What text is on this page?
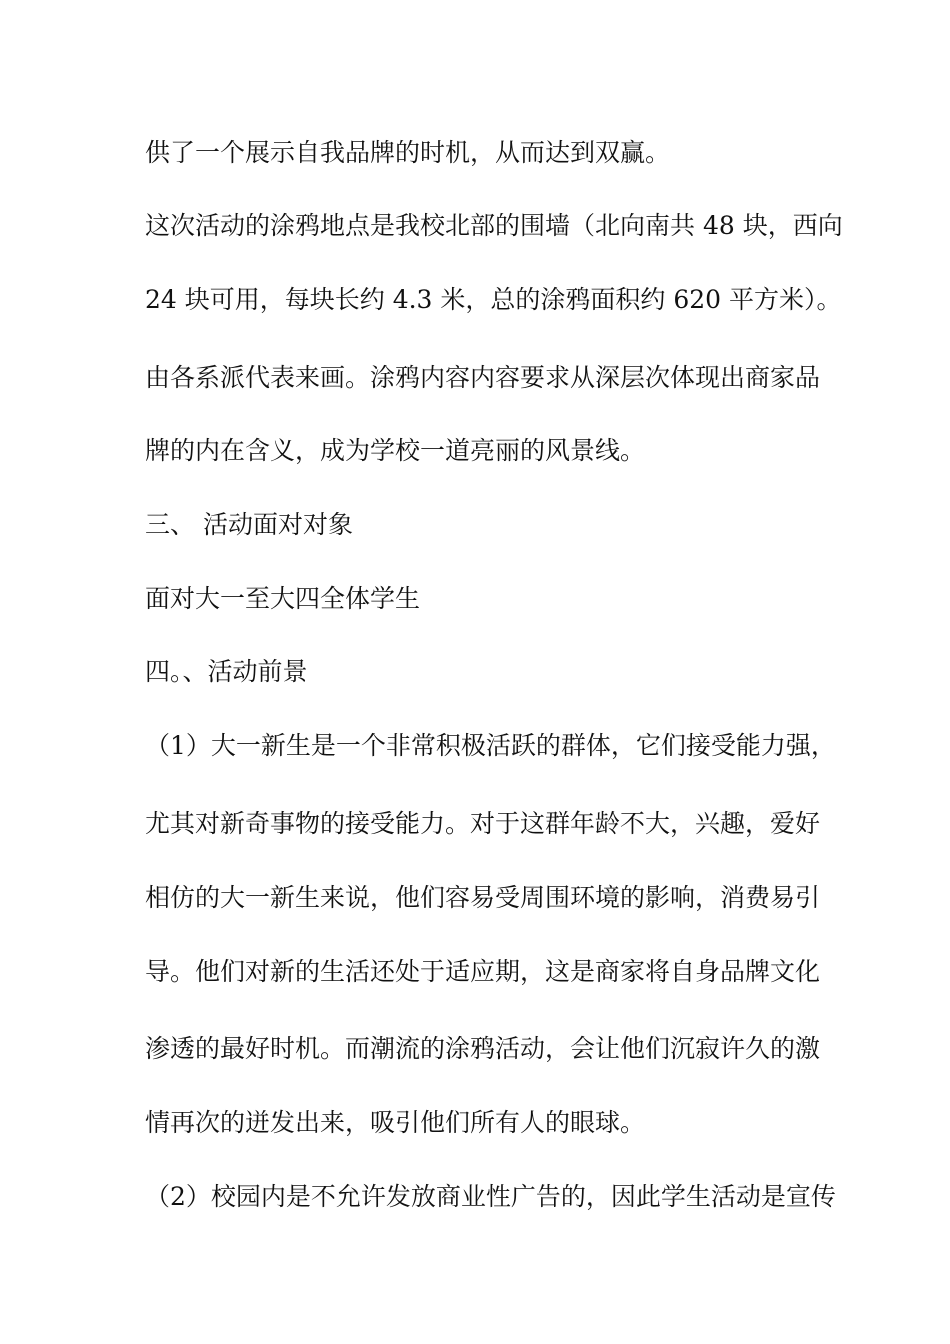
供了一个展示自我品牌的时机，从而达到双赢。
这次活动的涂鸦地点是我校北部的围墙（北向南共 48 块，西向
24 块可用，每块长约 4.3 米，总的涂鸦面积约 620 平方米）。
由各系派代表来画。涂鸦内容内容要求从深层次体现出商家品
牌的内在含义，成为学校一道亮丽的风景线。
三、 活动面对对象
面对大一至大四全体学生
四。、活动前景
（1）大一新生是一个非常积极活跃的群体，它们接受能力强，
尤其对新奇事物的接受能力。对于这群年龄不大，兴趣，爱好
相仿的大一新生来说，他们容易受周围环境的影响，消费易引
导。他们对新的生活还处于适应期，这是商家将自身品牌文化
渗透的最好时机。而潮流的涂鸦活动，会让他们沉寂许久的激
情再次的迸发出来，吸引他们所有人的眼球。
（2）校园内是不允许发放商业性广告的，因此学生活动是宣传
